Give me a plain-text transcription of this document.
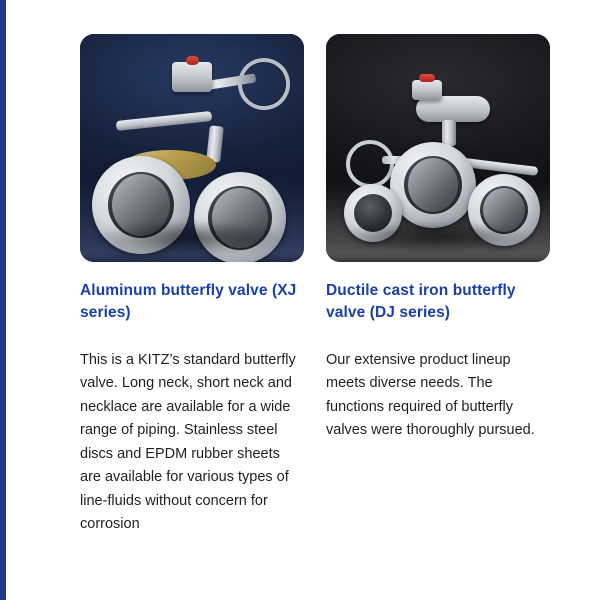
Aluminum butterfly valve (XJ series)
This is a KITZ’s standard butterfly valve. Long neck, short neck and necklace are available for a wide range of piping. Stainless steel discs and EPDM rubber sheets are available for various types of line-fluids without concern for corrosion
Ductile cast iron butterfly valve (DJ series)
Our extensive product lineup meets diverse needs. The functions required of butterfly valves were thoroughly pursued.
